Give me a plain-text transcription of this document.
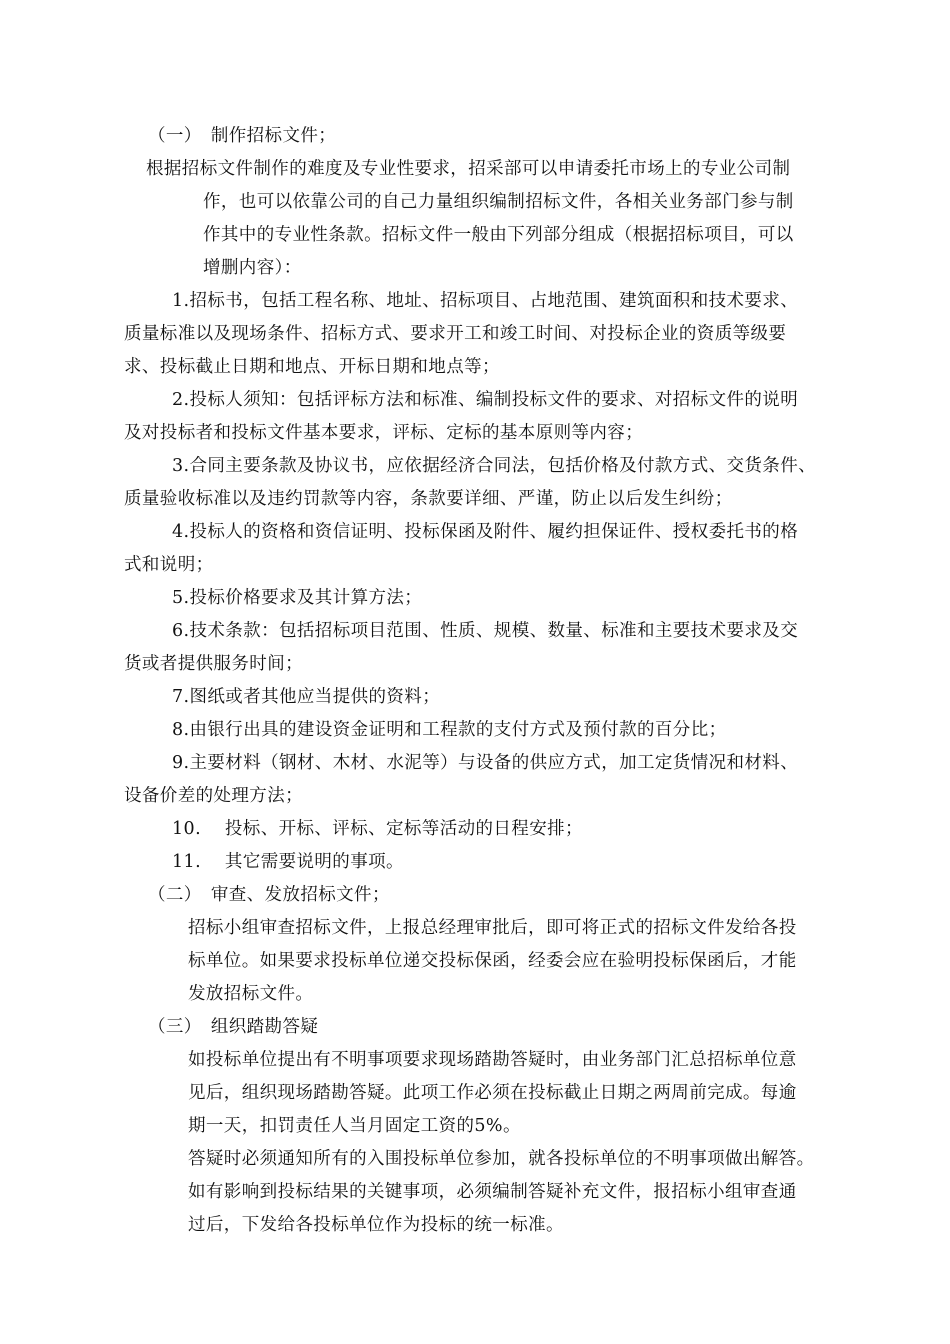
（一）　制作招标文件；
根据招标文件制作的难度及专业性要求，招采部可以申请委托市场上的专业公司制
作，也可以依靠公司的自己力量组织编制招标文件，各相关业务部门参与制
作其中的专业性条款。招标文件一般由下列部分组成（根据招标项目，可以
增删内容）：
1.招标书，包括工程名称、地址、招标项目、占地范围、建筑面积和技术要求、
质量标准以及现场条件、招标方式、要求开工和竣工时间、对投标企业的资质等级要
求、投标截止日期和地点、开标日期和地点等；
2.投标人须知：包括评标方法和标准、编制投标文件的要求、对招标文件的说明
及对投标者和投标文件基本要求，评标、定标的基本原则等内容；
3.合同主要条款及协议书，应依据经济合同法，包括价格及付款方式、交货条件、
质量验收标准以及违约罚款等内容，条款要详细、严谨，防止以后发生纠纷；
4.投标人的资格和资信证明、投标保函及附件、履约担保证件、授权委托书的格
式和说明；
5.投标价格要求及其计算方法；
6.技术条款：包括招标项目范围、性质、规模、数量、标准和主要技术要求及交
货或者提供服务时间；
7.图纸或者其他应当提供的资料；
8.由银行出具的建设资金证明和工程款的支付方式及预付款的百分比；
9.主要材料（钢材、木材、水泥等）与设备的供应方式，加工定货情况和材料、
设备价差的处理方法；
10.　 投标、开标、评标、定标等活动的日程安排；
11.　 其它需要说明的事项。
（二）　审查、发放招标文件；
招标小组审查招标文件，上报总经理审批后，即可将正式的招标文件发给各投
标单位。如果要求投标单位递交投标保函，经委会应在验明投标保函后，才能
发放招标文件。
（三）　组织踏勘答疑
如投标单位提出有不明事项要求现场踏勘答疑时，由业务部门汇总招标单位意
见后，组织现场踏勘答疑。此项工作必须在投标截止日期之两周前完成。每逾
期一天，扣罚责任人当月固定工资的5%。
答疑时必须通知所有的入围投标单位参加，就各投标单位的不明事项做出解答。
如有影响到投标结果的关键事项，必须编制答疑补充文件，报招标小组审查通
过后，下发给各投标单位作为投标的统一标准。
